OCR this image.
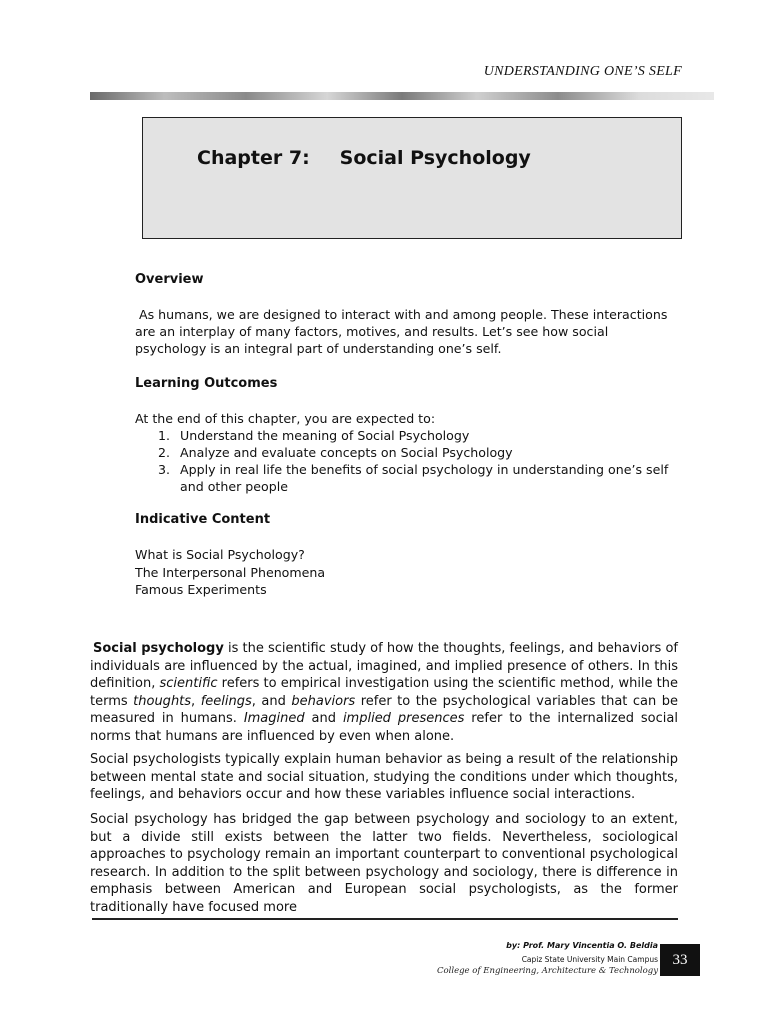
UNDERSTANDING ONE’S SELF
Chapter 7: Social Psychology
Overview

As humans, we are designed to interact with and among people. These interactions are an interplay of many factors, motives, and results. Let’s see how social psychology is an integral part of understanding one’s self.

Learning Outcomes

At the end of this chapter, you are expected to:

1. Understand the meaning of Social Psychology
2. Analyze and evaluate concepts on Social Psychology
3. Apply in real life the benefits of social psychology in understanding one’s self and other people
Indicative Content
What is Social Psychology?
The Interpersonal Phenomena
Famous Experiments

Social psychology is the scientific study of how the thoughts, feelings, and behaviors of individuals are influenced by the actual, imagined, and implied presence of others. In this definition, scientific refers to empirical investigation using the scientific method, while the terms thoughts, feelings, and behaviors refer to the psychological variables that can be measured in humans. Imagined and implied presences refer to the internalized social norms that humans are influenced by even when alone.

Social psychologists typically explain human behavior as being a result of the relationship between mental state and social situation, studying the conditions under which thoughts, feelings, and behaviors occur and how these variables influence social interactions.

Social psychology has bridged the gap between psychology and sociology to an extent, but a divide still exists between the latter two fields. Nevertheless, sociological approaches to psychology remain an important counterpart to conventional psychological research. In addition to the split between psychology and sociology, there is difference in emphasis between American and European social psychologists, as the former traditionally have focused more

by: Prof. Mary Vincentia O. Beldia
Capiz State University Main Campus
College of Engineering, Architecture & Technology
33
